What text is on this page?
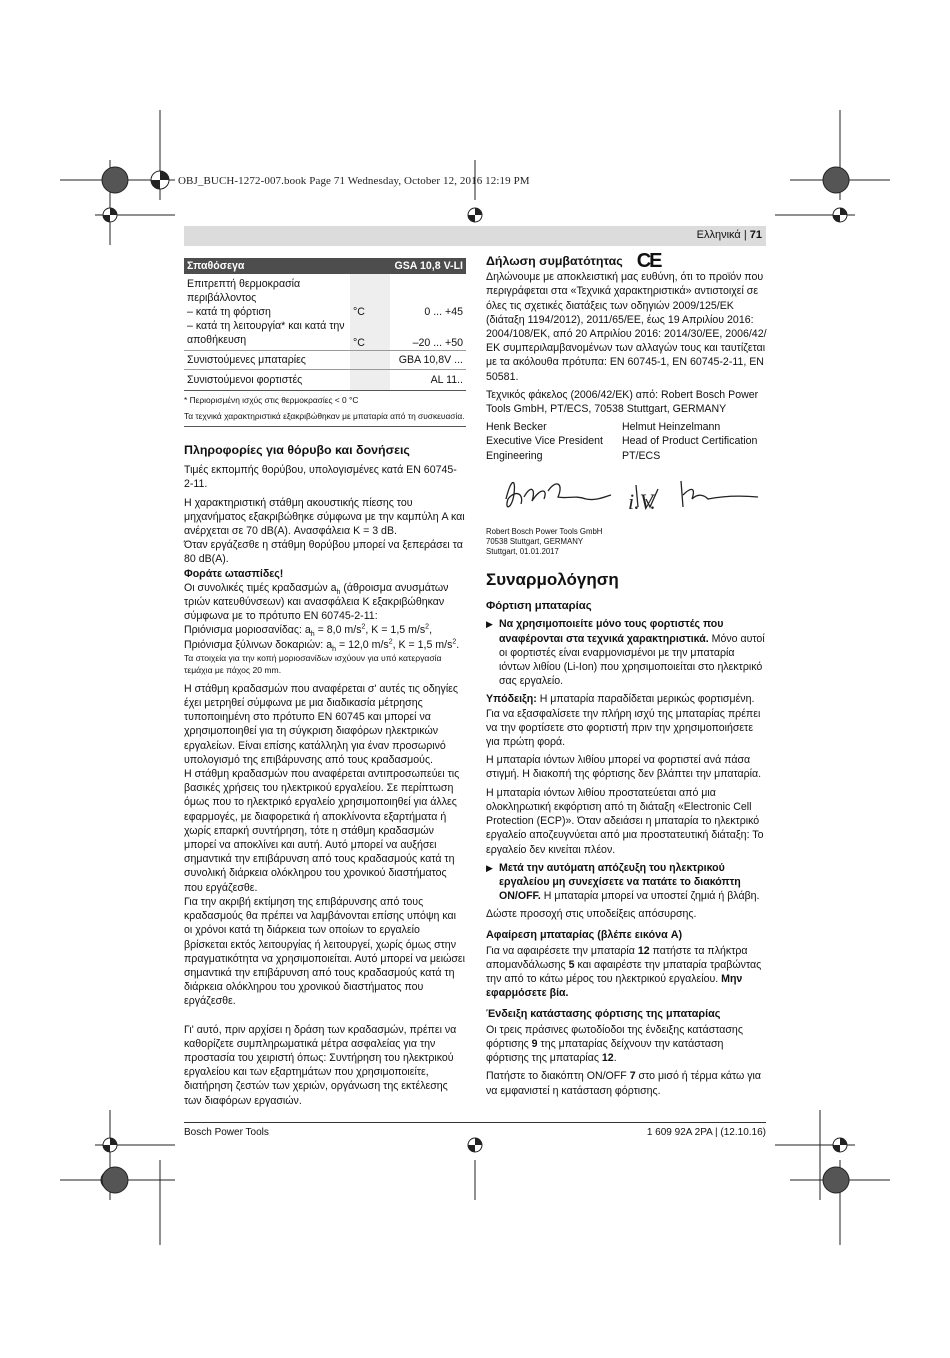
OBJ_BUCH-1272-007.book Page 71 Wednesday, October 12, 2016 12:19 PM
Ελληνικά | 71
Σπαθόσεγα		GSA 10,8 V-LI
Επιτρεπτή θερμοκρασία περιβάλλοντος		
– κατά τη φόρτιση	°C	0 ... +45
– κατά τη λειτουργία* και κατά την αποθήκευση	°C	–20 ... +50
Συνιστούμενες μπαταρίες		GBA 10,8V ...
Συνιστούμενοι φορτιστές		AL 11..
* Περιορισμένη ισχύς στις θερμοκρασίες < 0 °C
Τα τεχνικά χαρακτηριστικά εξακριβώθηκαν με μπαταρία από τη συσκευασία.
Πληροφορίες για θόρυβο και δονήσεις

Τιμές εκπομπής θορύβου, υπολογισμένες κατά EN 60745-2-11.

Η χαρακτηριστική στάθμη ακουστικής πίεσης του μηχανήματος εξακριβώθηκε σύμφωνα με την καμπύλη A και ανέρχεται σε 70 dB(A). Ανασφάλεια K = 3 dB.

Όταν εργάζεσθε η στάθμη θορύβου μπορεί να ξεπεράσει τα 80 dB(A).

Φοράτε ωτασπίδες!

Οι συνολικές τιμές κραδασμών $a_h$ (άθροισμα ανυσμάτων τριών κατευθύνσεων) και ανασφάλεια K εξακριβώθηκαν σύμφωνα με το πρότυπο EN 60745-2-11:

Πριόνισμα μοριοσανίδας: $a_h = 8,0$ $m/s^2$, K = 1,5 $m/s^2$,

Πριόνισμα ξύλινων δοκαριών: $a_h = 12,0$ $m/s^2$, K = 1,5 $m/s^2$.

Τα στοιχεία για την κοπή μοριοσανίδων ισχύουν για υπό κατεργασία τεμάχια με πάχος 20 mm.

Η στάθμη κραδασμών που αναφέρεται σ' αυτές τις οδηγίες έχει μετρηθεί σύμφωνα με μια διαδικασία μέτρησης τυποποιημένη στο πρότυπο EN 60745 και μπορεί να χρησιμοποιηθεί για τη σύγκριση διαφόρων ηλεκτρικών εργαλείων. Είναι επίσης κατάλληλη για έναν προσωρινό υπολογισμό της επιβάρυνσης από τους κραδασμούς.

Η στάθμη κραδασμών που αναφέρεται αντιπροσωπεύει τις βασικές χρήσεις του ηλεκτρικού εργαλείου. Σε περίπτωση όμως που το ηλεκτρικό εργαλείο χρησιμοποιηθεί για άλλες εφαρμογές, με διαφορετικά ή αποκλίνοντα εξαρτήματα ή χωρίς επαρκή συντήρηση, τότε η στάθμη κραδασμών μπορεί να αποκλίνει και αυτή. Αυτό μπορεί να αυξήσει σημαντικά την επιβάρυνση από τους κραδασμούς κατά τη συνολική διάρκεια ολόκληρου του χρονικού διαστήματος που εργάζεσθε.

Για την ακριβή εκτίμηση της επιβάρυνσης από τους κραδασμούς θα πρέπει να λαμβάνονται επίσης υπόψη και οι χρόνοι κατά τη διάρκεια των οποίων το εργαλείο βρίσκεται εκτός λειτουργίας ή λειτουργεί, χωρίς όμως στην πραγματικότητα να χρησιμοποιείται. Αυτό μπορεί να μειώσει σημαντικά την επιβάρυνση από τους κραδασμούς κατά τη διάρκεια ολόκληρου του χρονικού διαστήματος που εργάζεσθε.

Γι' αυτό, πριν αρχίσει η δράση των κραδασμών, πρέπει να καθορίζετε συμπληρωματικά μέτρα ασφαλείας για την προστασία του χειριστή όπως: Συντήρηση του ηλεκτρικού εργαλείου και των εξαρτημάτων που χρησιμοποιείτε, διατήρηση ζεστών των χεριών, οργάνωση της εκτέλεσης των διαφόρων εργασιών.

Δήλωση συμβατότητας CE

Δηλώνουμε με αποκλειστική μας ευθύνη, ότι το προϊόν που περιγράφεται στα «Τεχνικά χαρακτηριστικά» αντιστοιχεί σε όλες τις σχετικές διατάξεις των οδηγιών 2009/125/ΕΚ (διάταξη 1194/2012), 2011/65/ΕΕ, έως 19 Απριλίου 2016: 2004/108/ΕΚ, από 20 Απριλίου 2016: 2014/30/ΕΕ, 2006/42/ΕΚ συμπεριλαμβανομένων των αλλαγών τους και ταυτίζεται με τα ακόλουθα πρότυπα: EN 60745-1, EN 60745-2-11, EN 50581.

Τεχνικός φάκελος (2006/42/ΕΚ) από: Robert Bosch Power Tools GmbH, PT/ECS, 70538 Stuttgart, GERMANY

Henk Becker
Executive Vice President
Engineering
Helmut Heinzelmann
Head of Product Certification
PT/ECS
i.V.
Robert Bosch Power Tools GmbH
70538 Stuttgart, GERMANY
Stuttgart, 01.01.2017
Συναρμολόγηση
Φόρτιση μπαταρίας

▶ Να χρησιμοποιείτε μόνο τους φορτιστές που αναφέρονται στα τεχνικά χαρακτηριστικά. Μόνο αυτοί οι φορτιστές είναι εναρμονισμένοι με την μπαταρία ιόντων λιθίου (Li-Ion) που χρησιμοποιείται στο ηλεκτρικό σας εργαλείο.

Υπόδειξη: Η μπαταρία παραδίδεται μερικώς φορτισμένη. Για να εξασφαλίσετε την πλήρη ισχύ της μπαταρίας πρέπει να την φορτίσετε στο φορτιστή πριν την χρησιμοποιήσετε για πρώτη φορά.

Η μπαταρία ιόντων λιθίου μπορεί να φορτιστεί ανά πάσα στιγμή. Η διακοπή της φόρτισης δεν βλάπτει την μπαταρία.

Η μπαταρία ιόντων λιθίου προστατεύεται από μια ολοκληρωτική εκφόρτιση από τη διάταξη «Electronic Cell Protection (ECP)». Όταν αδειάσει η μπαταρία το ηλεκτρικό εργαλείο αποζευγνύεται από μια προστατευτική διάταξη: Το εργαλείο δεν κινείται πλέον.

▶ Μετά την αυτόματη απόζευξη του ηλεκτρικού εργαλείου μη συνεχίσετε να πατάτε το διακόπτη ON/OFF. Η μπαταρία μπορεί να υποστεί ζημιά ή βλάβη.

Δώστε προσοχή στις υποδείξεις απόσυρσης.

Αφαίρεση μπαταρίας (βλέπε εικόνα A)

Για να αφαιρέσετε την μπαταρία 12 πατήστε τα πλήκτρα απομανδάλωσης 5 και αφαιρέστε την μπαταρία τραβώντας την από το κάτω μέρος του ηλεκτρικού εργαλείου. Μην εφαρμόσετε βία.

Ένδειξη κατάστασης φόρτισης της μπαταρίας

Οι τρεις πράσινες φωτοδίοδοι της ένδειξης κατάστασης φόρτισης 9 της μπαταρίας δείχνουν την κατάσταση φόρτισης της μπαταρίας 12.

Πατήστε το διακόπτη ON/OFF 7 στο μισό ή τέρμα κάτω για να εμφανιστεί η κατάσταση φόρτισης.

Bosch Power Tools	1 609 92A 2PA | (12.10.16)
